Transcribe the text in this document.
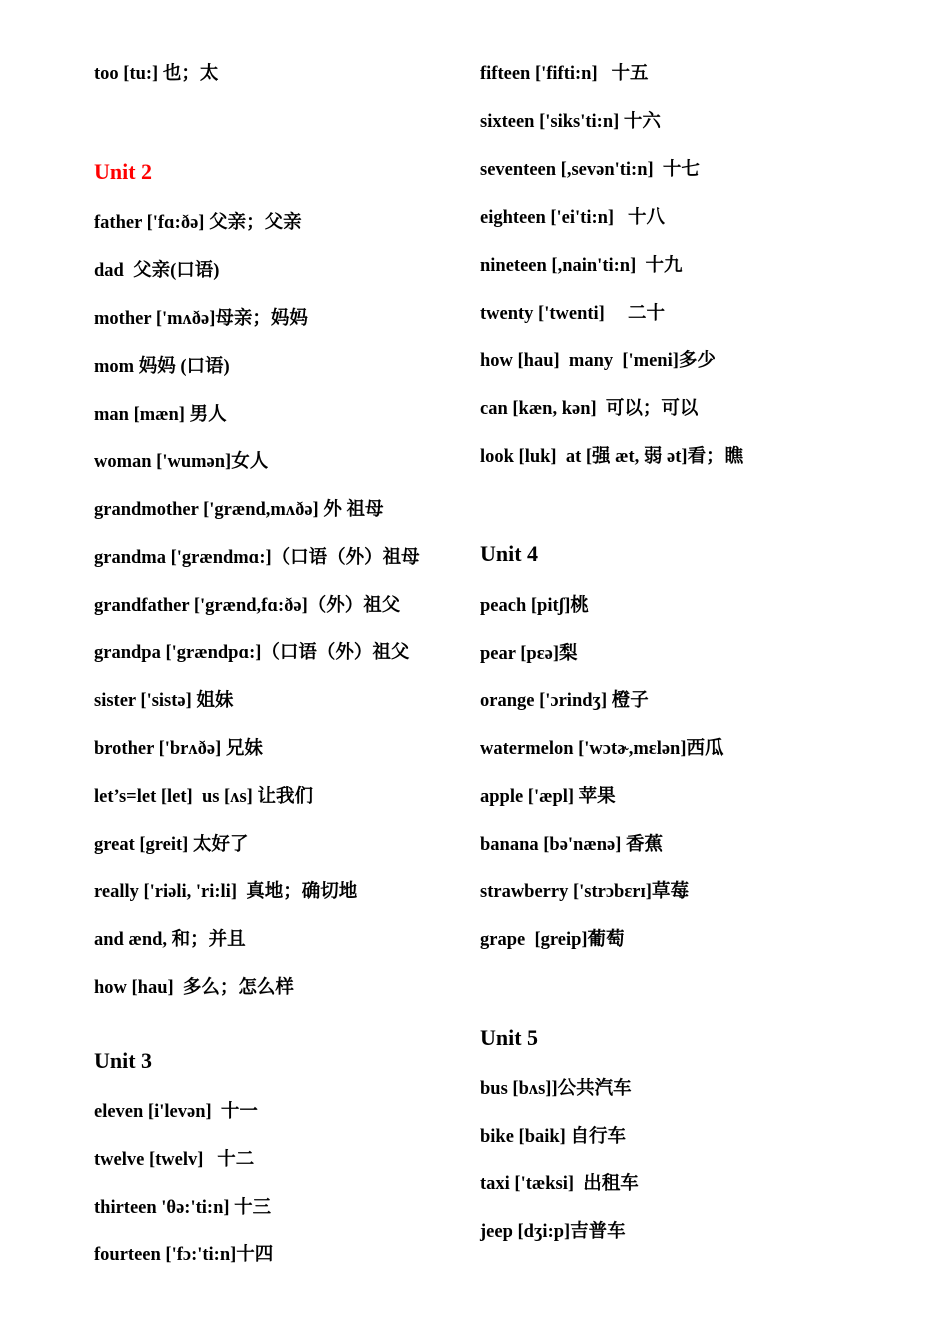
too [tu:] 也；太
Unit 2
father ['fɑ:ðə] 父亲；父亲
dad  父亲(口语)
mother ['mʌðə]母亲；妈妈
mom 妈妈 (口语)
man [mæn] 男人
woman ['wumən]女人
grandmother ['grænd,mʌðə] 外 祖母
grandma ['grændmɑ:]（口语（外）祖母
grandfather ['grænd,fɑ:ðə]（外）祖父
grandpa ['grændpɑ:]（口语（外）祖父
sister ['sistə] 姐妹
brother ['brʌðə] 兄妹
let’s=let [let]  us [ʌs] 让我们
great [greit] 太好了
really ['riəli, 'ri:li]  真地；确切地
and ænd, 和；并且
how [hau]  多么；怎么样
Unit 3
eleven [i'levən]  十一
twelve [twelv]   十二
thirteen 'θə:'ti:n] 十三
fourteen ['fɔ:'ti:n]十四
fifteen ['fifti:n]   十五
sixteen ['siks'ti:n] 十六
seventeen [,sevən'ti:n]  十七
eighteen ['ei'ti:n]   十八
nineteen [,nain'ti:n]  十九
twenty ['twenti]     二十
how [hau]  many  ['meni]多少
can [kæn, kən]  可以；可以
look [luk]  at [强 æt, 弱 ət]看；瞧
Unit 4
peach [pitʃ]桃
pear [pɛə]梨
orange ['ɔrindʒ] 橙子
watermelon ['wɔtɚ,mɛlən]西瓜
apple ['æpl] 苹果
banana [bə'nænə] 香蕉
strawberry ['strɔbɛrɪ]草莓
grape  [greip]葡萄
Unit 5
bus [bʌs]]公共汽车
bike [baik] 自行车
taxi ['tæksi]  出租车
jeep [dʒi:p]吉普车
